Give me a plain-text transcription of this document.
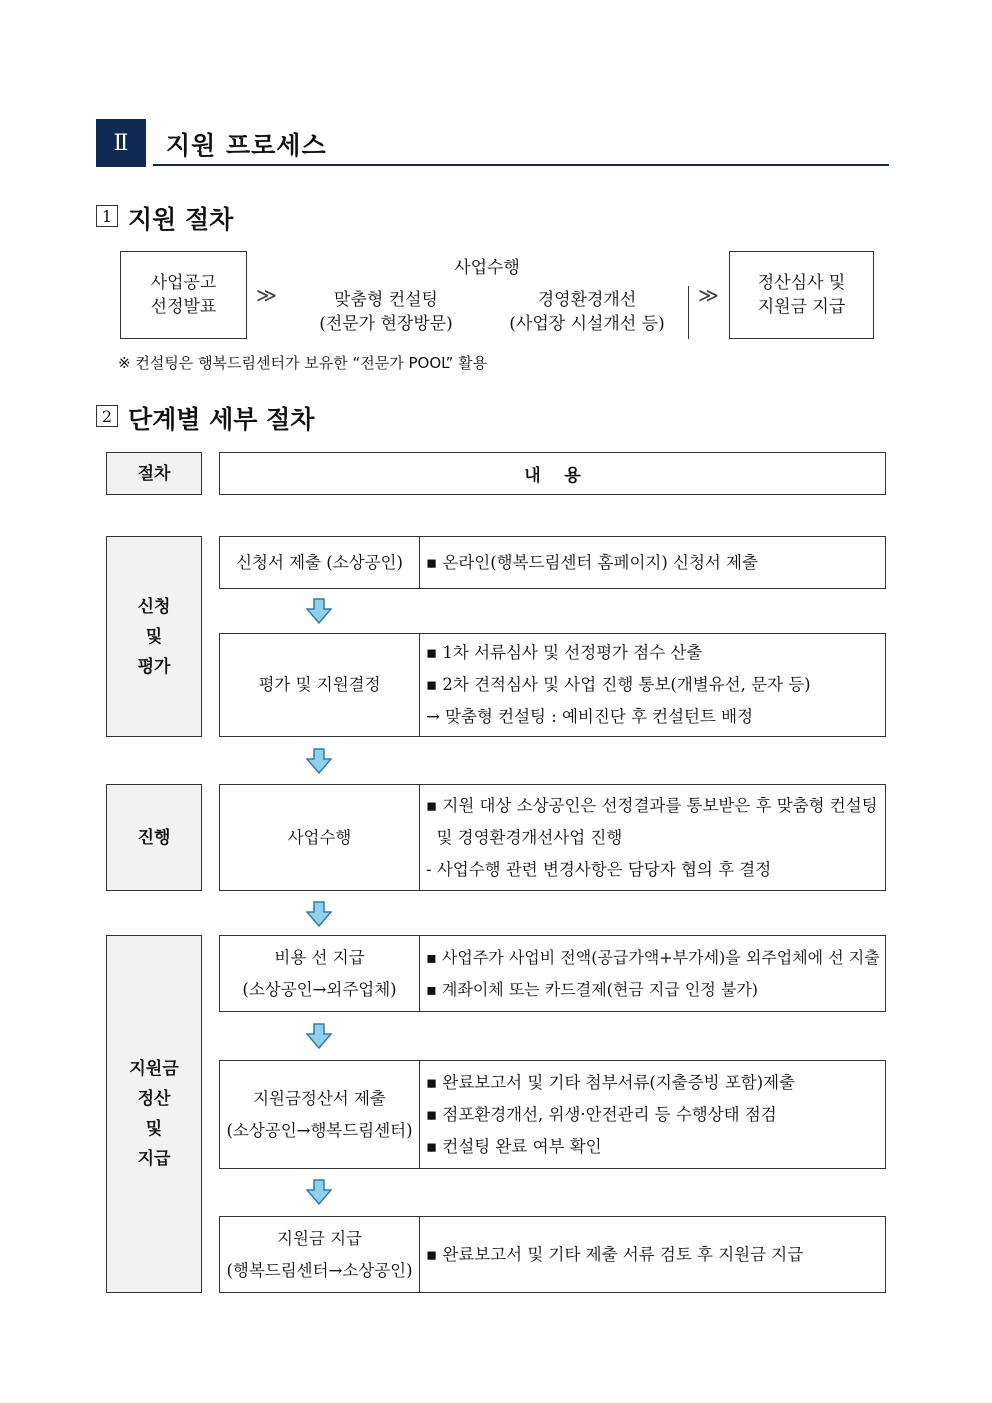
Ⅱ	지원 프로세스
1 지원 절차
사업공고
선정발표 ≫
사업수행
맞춤형 컨설팅
(전문가 현장방문)
경영환경개선
(사업장 시설개선 등)
≫ 정산심사 및
지원금 지급
※ 컨설팅은 행복드림센터가 보유한 “전문가 POOL” 활용
2 단계별 세부 절차
절차	내    용
신청
및
평가
진행
지원금
정산
및
지급
신청서 제출 (소상공인) ▪ 온라인(행복드림센터 홈페이지) 신청서 제출
평가 및 지원결정
▪ 1차 서류심사 및 선정평가 점수 산출
▪ 2차 견적심사 및 사업 진행 통보(개별유선, 문자 등)
→ 맞춤형 컨설팅 : 예비진단 후 컨설턴트 배정
사업수행
▪ 지원 대상 소상공인은 선정결과를 통보받은 후 맞춤형 컨설팅
및 경영환경개선사업 진행
- 사업수행 관련 변경사항은 담당자 협의 후 결정
비용 선 지급
(소상공인→외주업체)
▪ 사업주가 사업비 전액(공급가액+부가세)을 외주업체에 선 지출
▪ 계좌이체 또는 카드결제(현금 지급 인정 불가)
지원금정산서 제출
(소상공인→행복드림센터)
▪ 완료보고서 및 기타 첨부서류(지출증빙 포함)제출
▪ 점포환경개선, 위생·안전관리 등 수행상태 점검
▪ 컨설팅 완료 여부 확인
지원금 지급
(행복드림센터→소상공인)
▪ 완료보고서 및 기타 제출 서류 검토 후 지원금 지급
